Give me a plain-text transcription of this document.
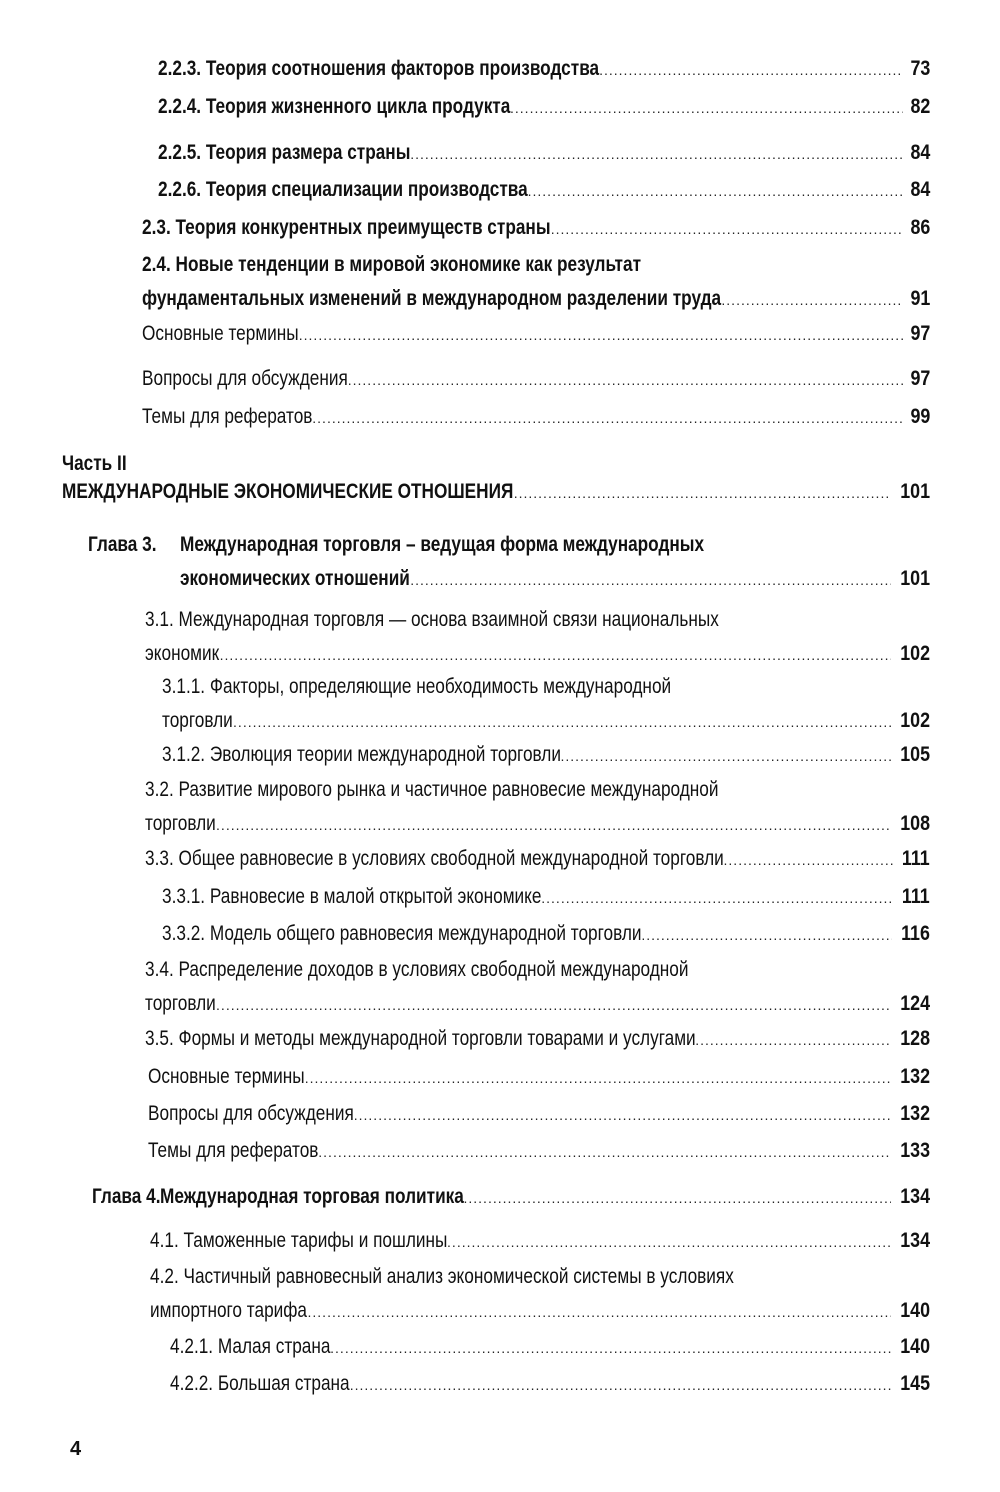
2.2.3. Теория соотношения факторов производства .....	73
2.2.4. Теория жизненного цикла продукта .....	82
2.2.5. Теория размера страны .....	84
2.2.6. Теория специализации производства .....	84
2.3. Теория конкурентных преимуществ страны .....	86
2.4. Новые тенденции в мировой экономике как результат
фундаментальных изменений в международном разделении труда .....	91
Основные термины .....	97
Вопросы для обсуждения .....	97
Темы для рефератов .....	99
Часть II
МЕЖДУНАРОДНЫЕ ЭКОНОМИЧЕСКИЕ ОТНОШЕНИЯ .....	101
Глава 3.	Международная торговля – ведущая форма международных
экономических отношений .....	101
3.1. Международная торговля — основа взаимной связи национальных
экономик .....	102
3.1.1. Факторы, определяющие необходимость международной
торговли .....	102
3.1.2. Эволюция теории международной торговли .....	105
3.2. Развитие мирового рынка и частичное равновесие международной
торговли .....	108
3.3. Общее равновесие в условиях свободной международной торговли .....	111
3.3.1. Равновесие в малой открытой экономике .....	111
3.3.2. Модель общего равновесия международной торговли .....	116
3.4. Распределение доходов в условиях свободной международной
торговли .....	124
3.5. Формы и методы международной торговли товарами и услугами .....	128
Основные термины .....	132
Вопросы для обсуждения .....	132
Темы для рефератов .....	133
Глава 4. Международная торговая политика .....	134
4.1. Таможенные тарифы и пошлины .....	134
4.2. Частичный равновесный анализ экономической системы в условиях
импортного тарифа .....	140
4.2.1. Малая страна .....	140
4.2.2. Большая страна .....	145
4
